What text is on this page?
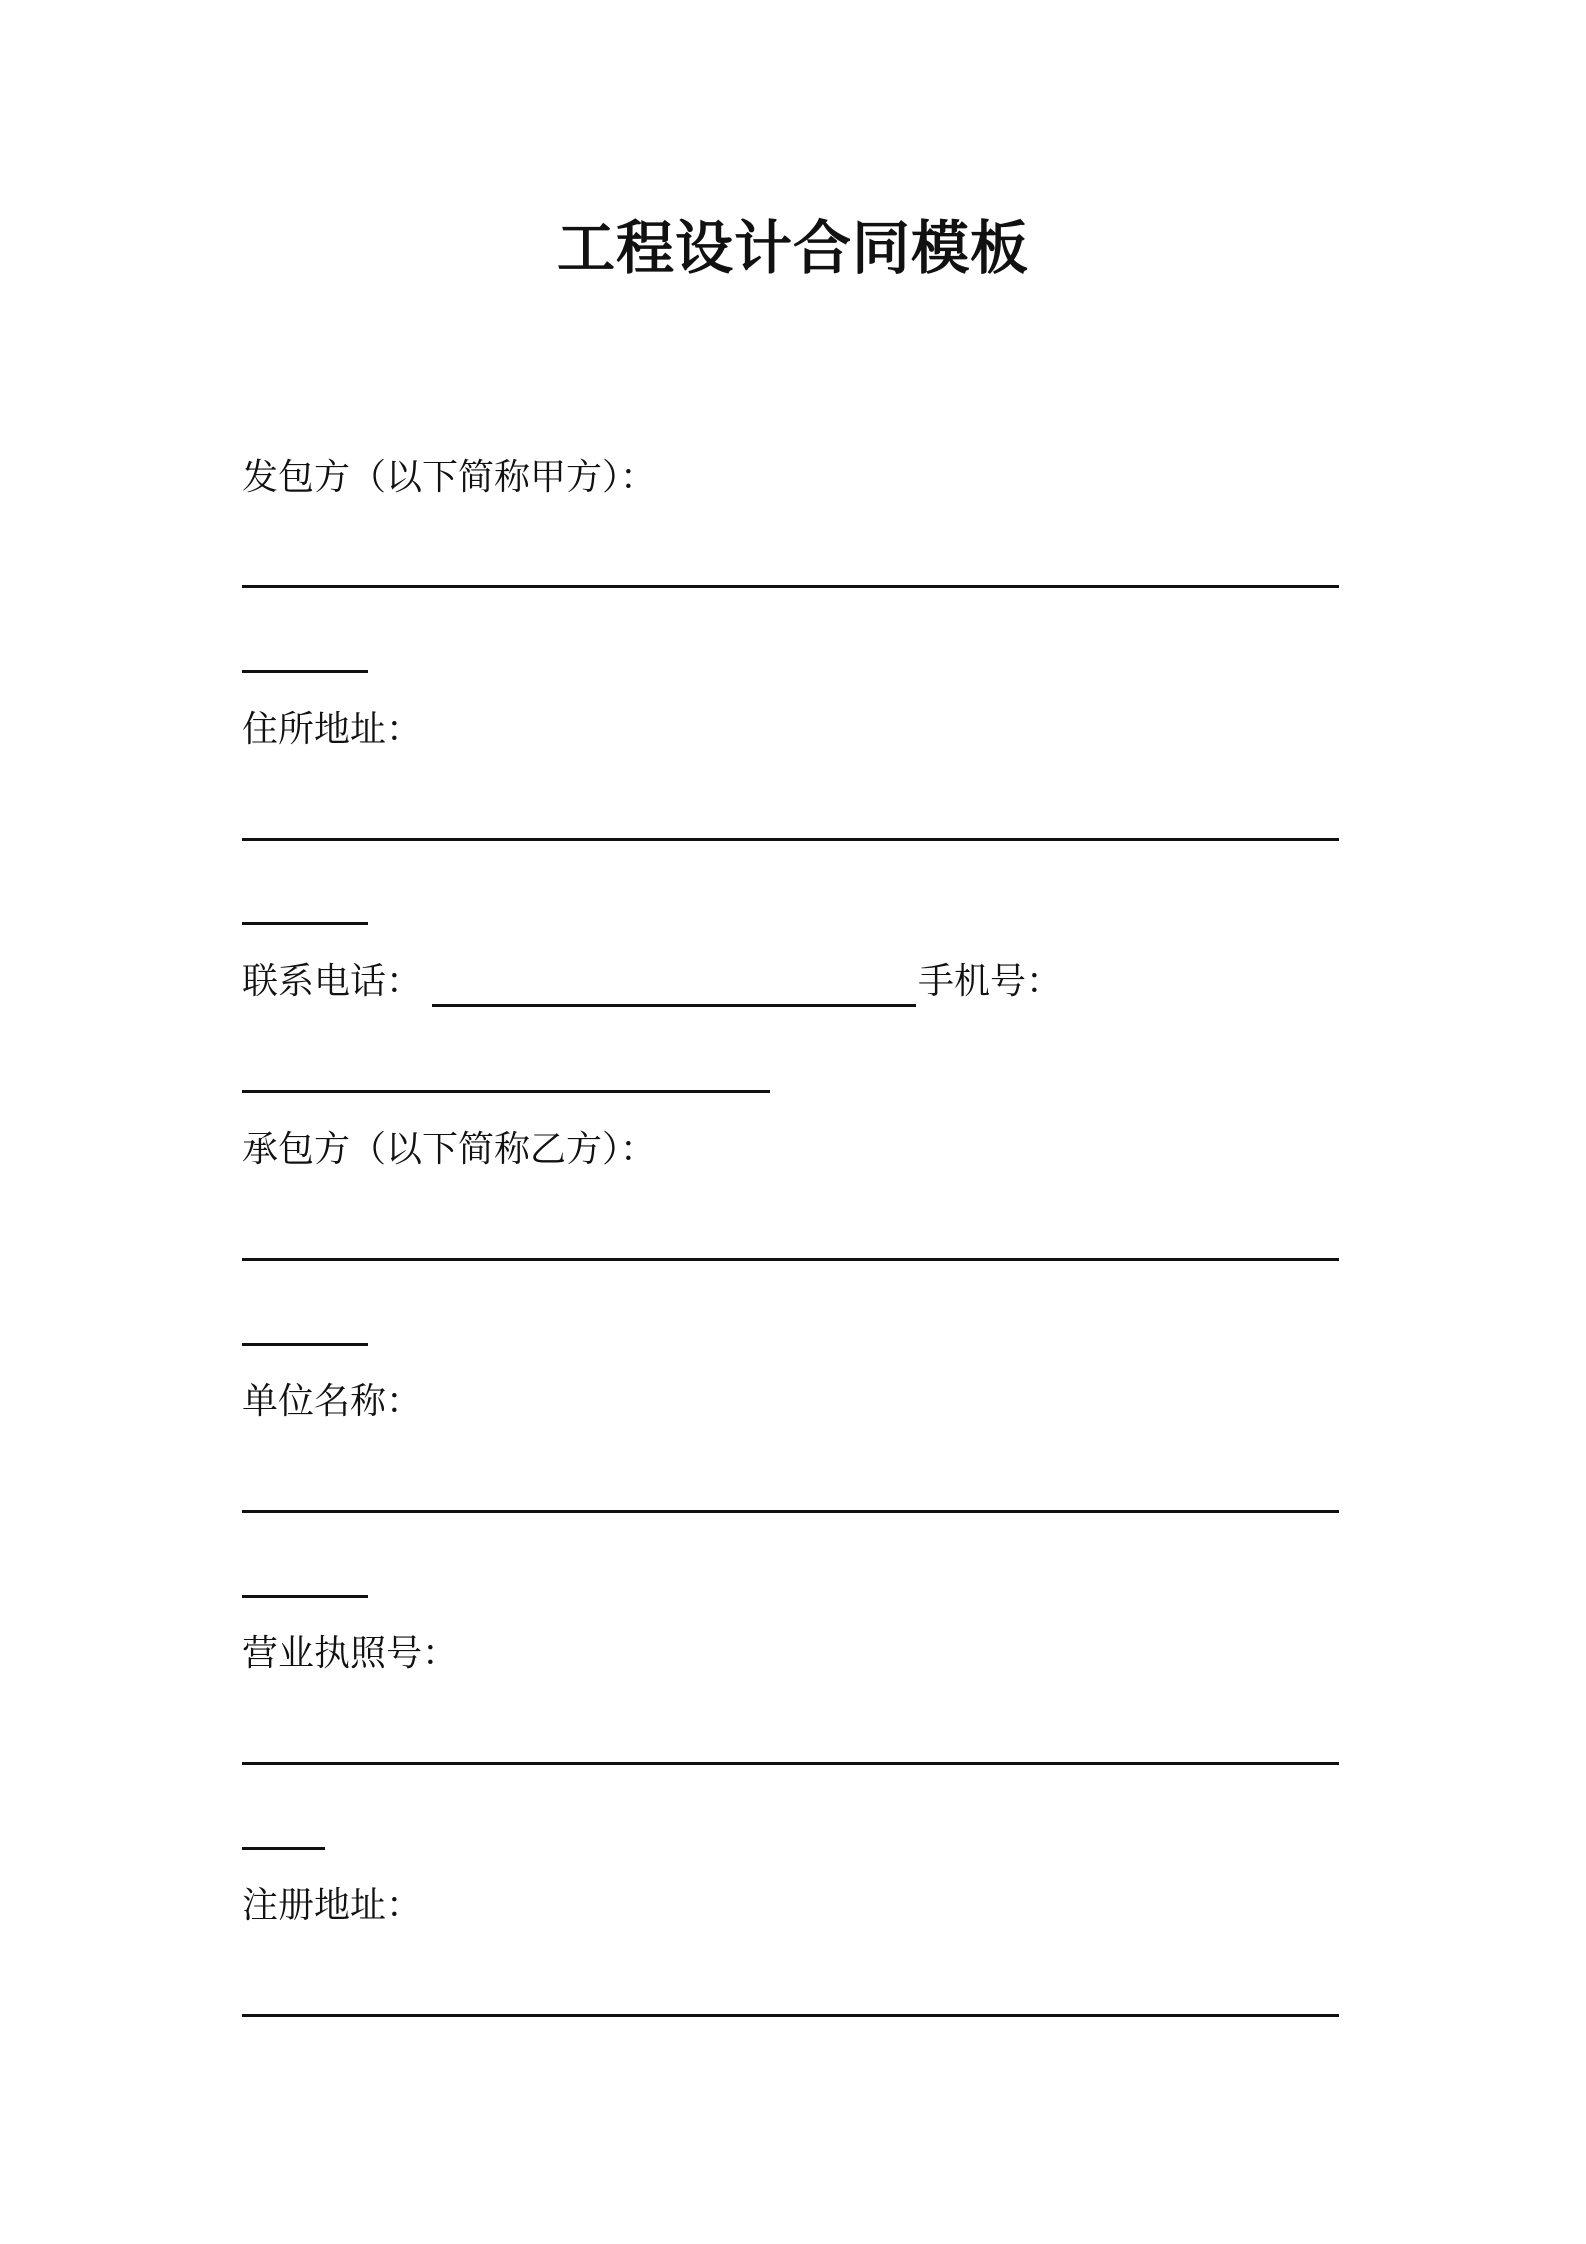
工程设计合同模板
发包方（以下简称甲方）：
住所地址：
联系电话：	手机号：
承包方（以下简称乙方）：
单位名称：
营业执照号：
注册地址：
